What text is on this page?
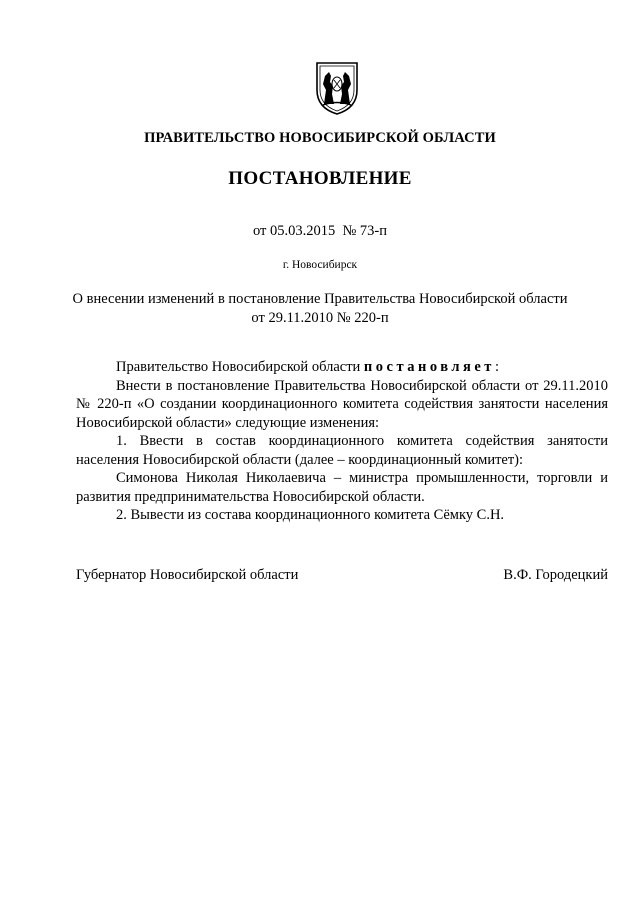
ПРАВИТЕЛЬСТВО НОВОСИБИРСКОЙ ОБЛАСТИ
ПОСТАНОВЛЕНИЕ
от 05.03.2015  № 73-п
г. Новосибирск
О внесении изменений в постановление Правительства Новосибирской области
от 29.11.2010 № 220-п

Правительство Новосибирской области постановляет:

Внести в постановление Правительства Новосибирской области от 29.11.2010 № 220-п «О создании координационного комитета содействия занятости населения Новосибирской области» следующие изменения:

1. Ввести в состав координационного комитета содействия занятости населения Новосибирской области (далее – координационный комитет):

Симонова Николая Николаевича – министра промышленности, торговли и развития предпринимательства Новосибирской области.

2. Вывести из состава координационного комитета Сёмку С.Н.

Губернатор Новосибирской области	В.Ф. Городецкий
